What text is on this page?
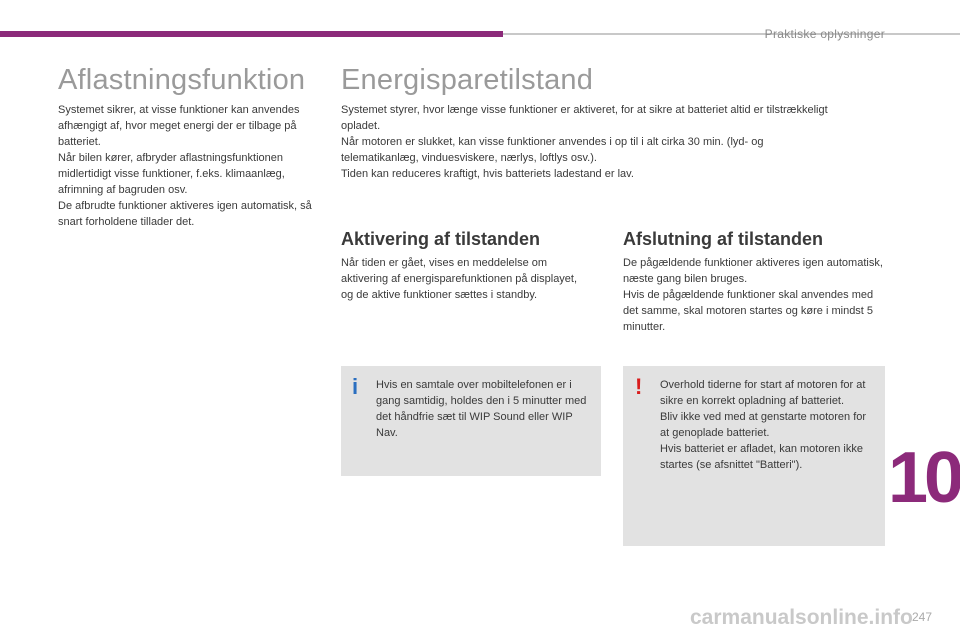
Praktiske oplysninger
Aflastningsfunktion

Systemet sikrer, at visse funktioner kan anvendes afhængigt af, hvor meget energi der er tilbage på batteriet.

Når bilen kører, afbryder aflastningsfunktionen midlertidigt visse funktioner, f.eks. klimaanlæg, afrimning af bagruden osv.

De afbrudte funktioner aktiveres igen automatisk, så snart forholdene tillader det.

Energisparetilstand

Systemet styrer, hvor længe visse funktioner er aktiveret, for at sikre at batteriet altid er tilstrækkeligt opladet.

Når motoren er slukket, kan visse funktioner anvendes i op til i alt cirka 30 min. (lyd- og telematikanlæg, vinduesviskere, nærlys, loftlys osv.).

Tiden kan reduceres kraftigt, hvis batteriets ladestand er lav.

Aktivering af tilstanden

Når tiden er gået, vises en meddelelse om aktivering af energisparefunktionen på displayet, og de aktive funktioner sættes i standby.

Afslutning af tilstanden

De pågældende funktioner aktiveres igen automatisk, næste gang bilen bruges.

Hvis de pågældende funktioner skal anvendes med det samme, skal motoren startes og køre i mindst 5 minutter.

i Hvis en samtale over mobiltelefonen er i gang samtidig, holdes den i 5 minutter med det håndfrie sæt til WIP Sound eller WIP Nav.

! Overhold tiderne for start af motoren for at sikre en korrekt opladning af batteriet.

Bliv ikke ved med at genstarte motoren for at genoplade batteriet.

Hvis batteriet er afladet, kan motoren ikke startes (se afsnittet "Batteri").	10
carmanualsonline.info 247
